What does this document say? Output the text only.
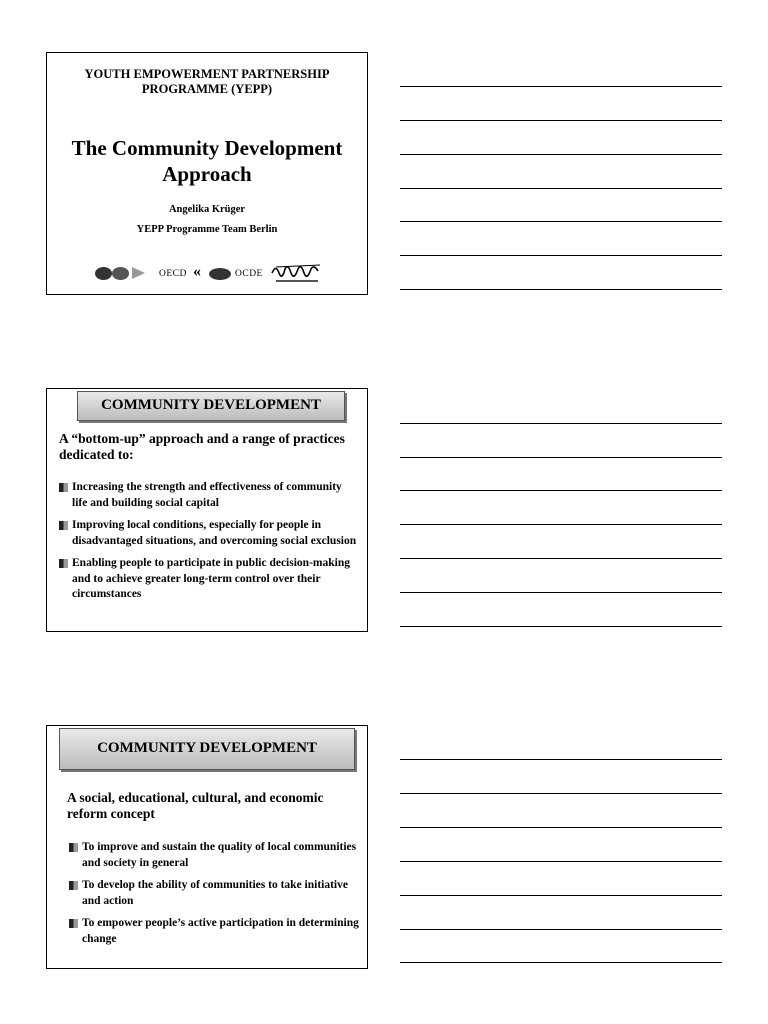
YOUTH EMPOWERMENT PARTNERSHIP
PROGRAMME (YEPP)
The Community Development
Approach
Angelika Krüger
YEPP Programme Team Berlin
OECD «	OCDE
COMMUNITY DEVELOPMENT
A “bottom-up” approach and a range of practices dedicated to:
Increasing the strength and effectiveness of community life and building social capital
Improving local conditions, especially for people in disadvantaged situations, and overcoming social exclusion
Enabling people to participate in public decision-making and to achieve greater long-term control over their circumstances
COMMUNITY DEVELOPMENT
A social, educational, cultural, and economic reform concept
To improve and sustain the quality of local communities and society in general
To develop the ability of communities to take initiative and action
To empower people’s active participation in determining change
